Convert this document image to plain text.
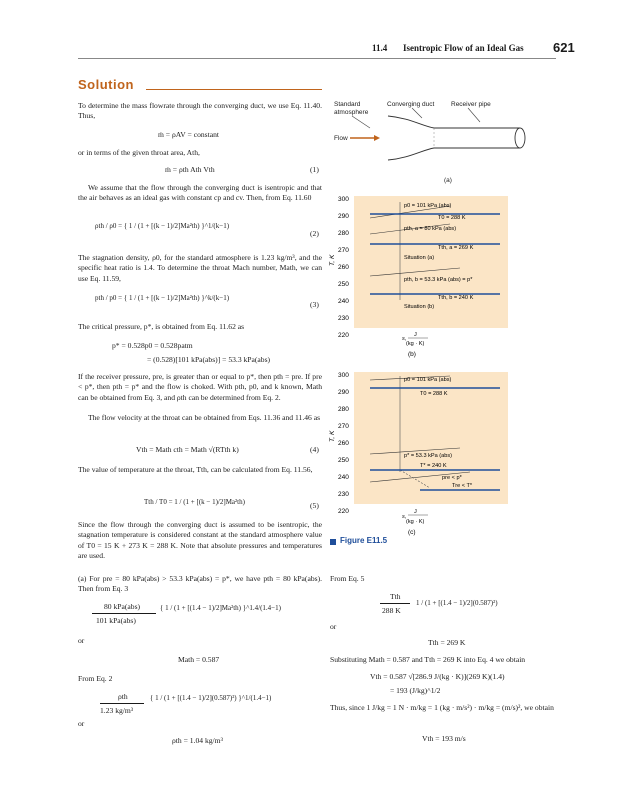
11.4 Isentropic Flow of an Ideal Gas 621
Solution
To determine the mass flowrate through the converging duct, we use Eq. 11.40. Thus,
ṁ = ρAV = constant
or in terms of the given throat area, Ath,
ṁ = ρth Ath Vth	(1)
We assume that the flow through the converging duct is isentropic and that the air behaves as an ideal gas with constant cp and cv. Then, from Eq. 11.60
ρth / ρ0 = { 1 / (1 + [(k − 1)/2]Ma²th) }^1/(k−1)
(2)
The stagnation density, ρ0, for the standard atmosphere is 1.23 kg/m³, and the specific heat ratio is 1.4. To determine the throat Mach number, Math, we can use Eq. 11.59,
pth / p0 = { 1 / (1 + [(k − 1)/2]Ma²th) }^k/(k−1)
(3)
The critical pressure, p*, is obtained from Eq. 11.62 as
p* = 0.528p0 = 0.528patm
= (0.528)[101 kPa(abs)] = 53.3 kPa(abs)
If the receiver pressure, pre, is greater than or equal to p*, then pth = pre. If pre < p*, then pth = p* and the flow is choked. With pth, p0, and k known, Math can be obtained from Eq. 3, and ρth can be determined from Eq. 2.
The flow velocity at the throat can be obtained from Eqs. 11.36 and 11.46 as
Vth = Math cth = Math √(RTth k)	(4)
The value of temperature at the throat, Tth, can be calculated from Eq. 11.56,
Tth / T0 = 1 / (1 + [(k − 1)/2]Ma²th)	(5)
Since the flow through the converging duct is assumed to be isentropic, the stagnation temperature is considered constant at the standard atmosphere value of T0 = 15 K + 273 K = 288 K. Note that absolute pressures and temperatures are used.
Standard
atmosphere
Converging duct	Receiver pipe
Flow
(a)
300
290
280
270
260
250
240
230
220
T, K
p0 = 101 kPa (abs)
T0 = 288 K
pth, a = 80 kPa (abs)
Tth, a = 269 K
Situation (a)
pth, b = 53.3 kPa (abs) = p*
Tth, b = 240 K
Situation (b)
s,
J
(kg · K)
(b)
300
290
280
270
260
250
240
230
220
T, K
p0 = 101 kPa (abs)
T0 = 288 K
p* = 53.3 kPa (abs)
T* = 240 K
pre < p*
Tre < T*
s,
J
(kg · K)
(c)
Figure E11.5
(a) For pre = 80 kPa(abs) > 53.3 kPa(abs) = p*, we have pth = 80 kPa(abs). Then from Eq. 3
80 kPa(abs)
101 kPa(abs)
{ 1 / (1 + [(1.4 − 1)/2]Ma²th) }^1.4/(1.4−1)
or
Math = 0.587
From Eq. 2
ρth
1.23 kg/m³
{ 1 / (1 + [(1.4 − 1)/2](0.587)²) }^1/(1.4−1)
or
ρth = 1.04 kg/m³
From Eq. 5
Tth
288 K
1 / (1 + [(1.4 − 1)/2](0.587)²)
or
Tth = 269 K
Substituting Math = 0.587 and Tth = 269 K into Eq. 4 we obtain
Vth = 0.587 √[286.9 J/(kg · K)](269 K)(1.4)
= 193 (J/kg)^1/2
Thus, since 1 J/kg = 1 N · m/kg = 1 (kg · m/s²) · m/kg = (m/s)², we obtain
Vth = 193 m/s
